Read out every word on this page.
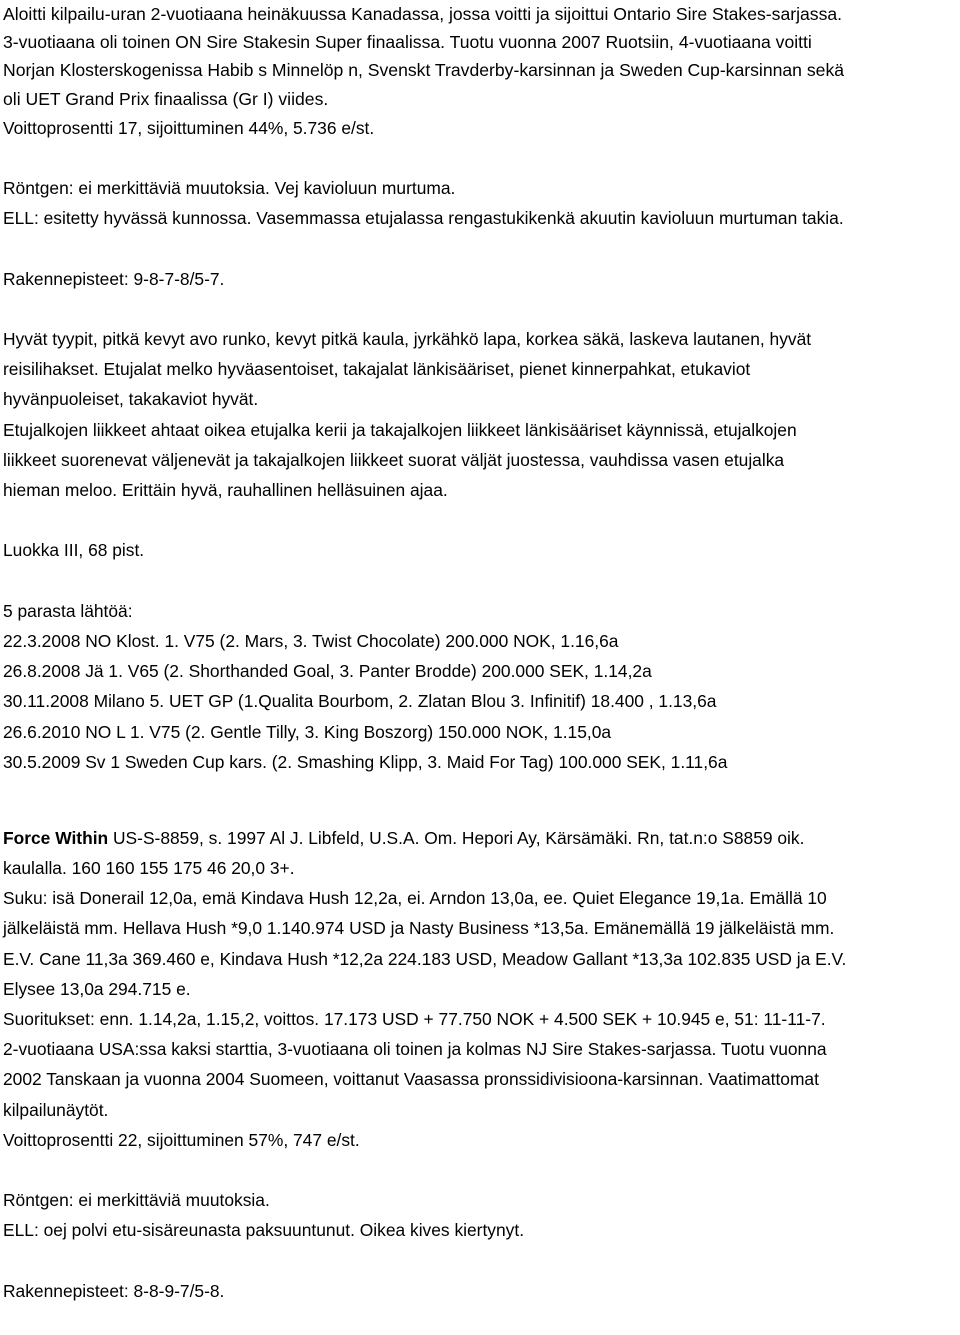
Aloitti kilpailu-uran 2-vuotiaana heinäkuussa Kanadassa, jossa voitti ja sijoittui Ontario Sire Stakes-sarjassa.
3-vuotiaana oli toinen ON Sire Stakesin Super finaalissa. Tuotu vuonna 2007 Ruotsiin, 4-vuotiaana voitti
Norjan Klosterskogenissa Habib s Minnelöp n, Svenskt Travderby-karsinnan ja Sweden Cup-karsinnan sekä
oli UET Grand Prix finaalissa (Gr I) viides.
Voittoprosentti 17, sijoittuminen 44%, 5.736 e/st.
Röntgen: ei merkittäviä muutoksia. Vej kavioluun murtuma.
ELL: esitetty hyvässä kunnossa. Vasemmassa etujalassa rengastukikenkä akuutin kavioluun murtuman takia.
Rakennepisteet: 9-8-7-8/5-7.
Hyvät tyypit, pitkä kevyt avo runko, kevyt pitkä kaula, jyrkähkö lapa, korkea säkä, laskeva lautanen, hyvät
reisilihakset. Etujalat melko hyväasentoiset, takajalat länkisääriset, pienet kinnerpahkat, etukaviot
hyvänpuoleiset, takakaviot hyvät.
Etujalkojen liikkeet ahtaat oikea etujalka kerii ja takajalkojen liikkeet länkisääriset käynnissä, etujalkojen
liikkeet suorenevat väljenevät ja takajalkojen liikkeet suorat väljät juostessa, vauhdissa vasen etujalka
hieman meloo. Erittäin hyvä, rauhallinen helläsuinen ajaa.
Luokka III, 68 pist.
5 parasta lähtöä:
22.3.2008 NO Klost. 1. V75 (2. Mars, 3. Twist Chocolate) 200.000 NOK, 1.16,6a
26.8.2008 Jä 1. V65 (2. Shorthanded Goal, 3. Panter Brodde) 200.000 SEK, 1.14,2a
30.11.2008 Milano 5. UET GP (1.Qualita Bourbom, 2. Zlatan Blou 3. Infinitif) 18.400 , 1.13,6a
26.6.2010 NO L 1. V75 (2. Gentle Tilly, 3. King Boszorg) 150.000 NOK, 1.15,0a
30.5.2009 Sv 1 Sweden Cup kars. (2. Smashing Klipp, 3. Maid For Tag) 100.000 SEK, 1.11,6a
Force Within US-S-8859, s. 1997 Al J. Libfeld, U.S.A. Om. Hepori Ay, Kärsämäki. Rn, tat.n:o S8859 oik.
kaulalla. 160 160 155 175 46 20,0 3+.
Suku: isä Donerail 12,0a, emä Kindava Hush 12,2a, ei. Arndon 13,0a, ee. Quiet Elegance 19,1a. Emällä 10
jälkeläistä mm. Hellava Hush *9,0 1.140.974 USD ja Nasty Business *13,5a. Emänemällä 19 jälkeläistä mm.
E.V. Cane 11,3a 369.460 e, Kindava Hush *12,2a 224.183 USD, Meadow Gallant *13,3a 102.835 USD ja E.V.
Elysee 13,0a 294.715 e.
Suoritukset: enn. 1.14,2a, 1.15,2, voittos. 17.173 USD + 77.750 NOK + 4.500 SEK + 10.945 e, 51: 11-11-7.
2-vuotiaana USA:ssa kaksi starttia, 3-vuotiaana oli toinen ja kolmas NJ Sire Stakes-sarjassa. Tuotu vuonna
2002 Tanskaan ja vuonna 2004 Suomeen, voittanut Vaasassa pronssidivisioona-karsinnan. Vaatimattomat
kilpailunäytöt.
Voittoprosentti 22, sijoittuminen 57%, 747 e/st.
Röntgen: ei merkittäviä muutoksia.
ELL: oej polvi etu-sisäreunasta paksuuntunut. Oikea kives kiertynyt.
Rakennepisteet: 8-8-9-7/5-8.
